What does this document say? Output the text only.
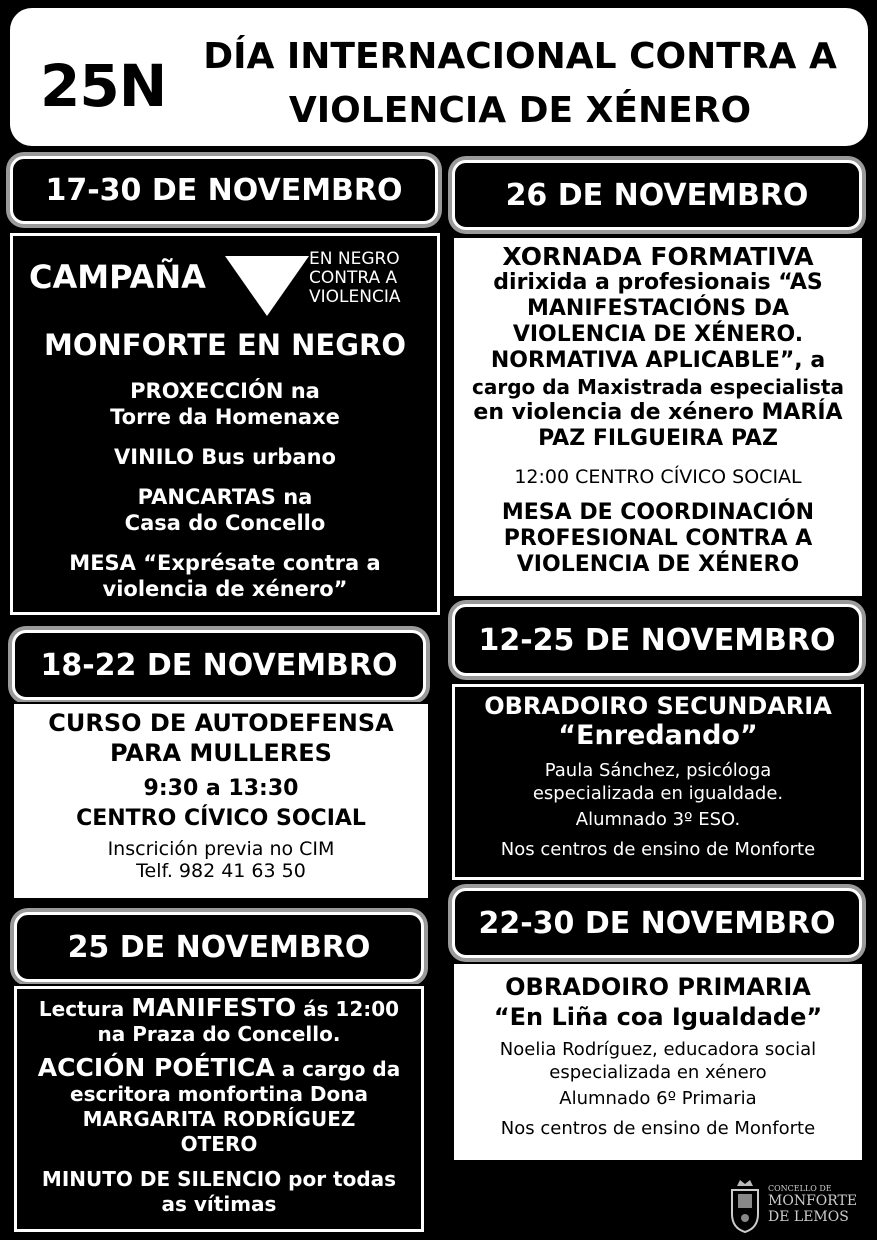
25N	DÍA INTERNACIONAL CONTRA A
VIOLENCIA DE XÉNERO
17-30 DE NOVEMBRO
CAMPAÑA	EN NEGRO
CONTRA A
VIOLENCIA
MONFORTE EN NEGRO
PROXECCIÓN na
Torre da Homenaxe
VINILO Bus urbano
PANCARTAS na
Casa do Concello
MESA “Exprésate contra a
violencia de xénero”
26 DE NOVEMBRO
XORNADA FORMATIVA
dirixida a profesionais “AS
MANIFESTACIÓNS DA
VIOLENCIA DE XÉNERO.
NORMATIVA APLICABLE”, a
cargo da Maxistrada especialista
en violencia de xénero MARÍA
PAZ FILGUEIRA PAZ
12:00 CENTRO CÍVICO SOCIAL
MESA DE COORDINACIÓN
PROFESIONAL CONTRA A
VIOLENCIA DE XÉNERO
18-22 DE NOVEMBRO
CURSO DE AUTODEFENSA
PARA MULLERES
9:30 a 13:30
CENTRO CÍVICO SOCIAL
Inscrición previa no CIM
Telf. 982 41 63 50
12-25 DE NOVEMBRO
OBRADOIRO SECUNDARIA
“Enredando”
Paula Sánchez, psicóloga
especializada en igualdade.
Alumnado 3º ESO.
Nos centros de ensino de Monforte
25 DE NOVEMBRO
Lectura MANIFESTO ás 12:00
na Praza do Concello.
ACCIÓN POÉTICA a cargo da
escritora monfortina Dona
MARGARITA RODRÍGUEZ
OTERO
MINUTO DE SILENCIO por todas
as vítimas
22-30 DE NOVEMBRO
OBRADOIRO PRIMARIA
“En Liña coa Igualdade”
Noelia Rodríguez, educadora social
especializada en xénero
Alumnado 6º Primaria
Nos centros de ensino de Monforte
CONCELLO DE
MONFORTE
DE LEMOS
